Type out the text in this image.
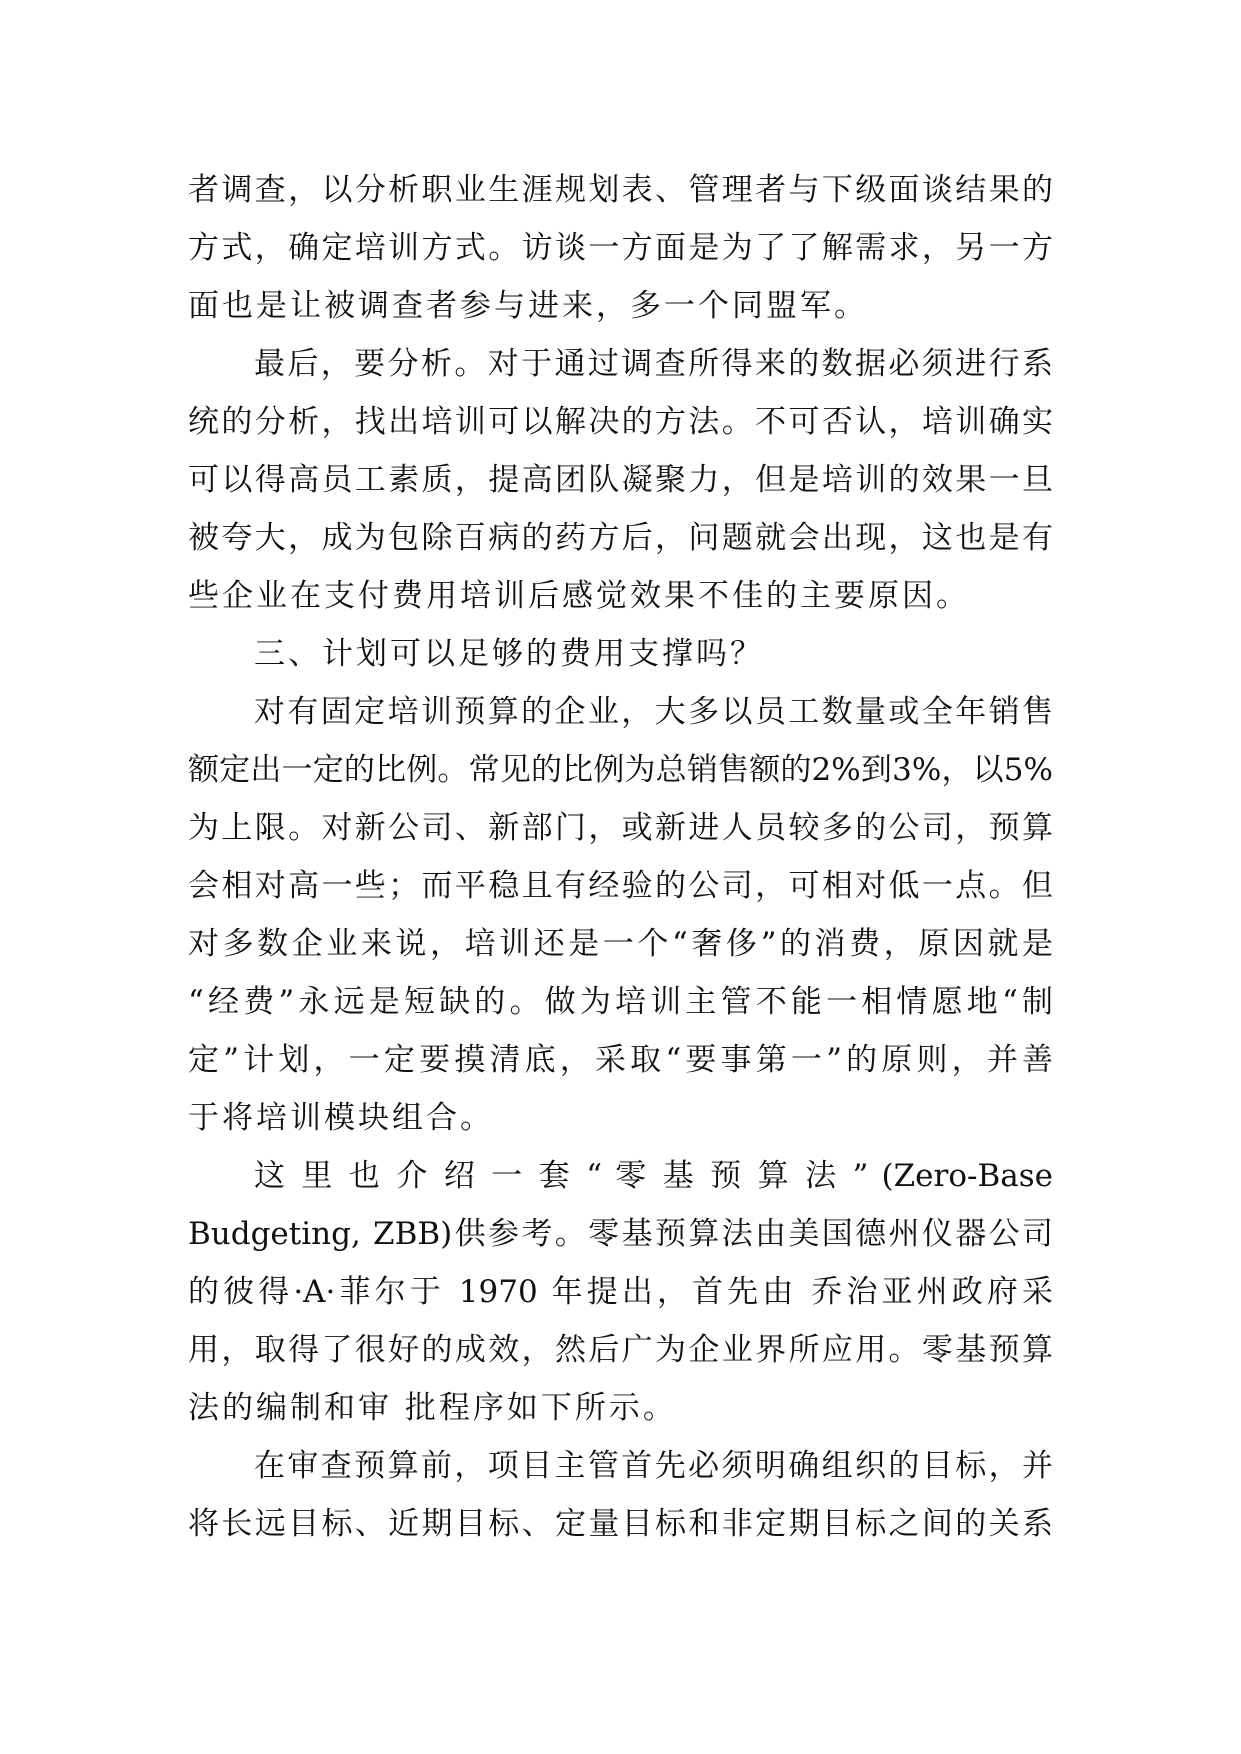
者调查，以分析职业生涯规划表、管理者与下级面谈结果的
方式，确定培训方式。访谈一方面是为了了解需求，另一方
面也是让被调查者参与进来，多一个同盟军。
最后，要分析。对于通过调查所得来的数据必须进行系
统的分析，找出培训可以解决的方法。不可否认，培训确实
可以得高员工素质，提高团队凝聚力，但是培训的效果一旦
被夸大，成为包除百病的药方后，问题就会出现，这也是有
些企业在支付费用培训后感觉效果不佳的主要原因。
三、计划可以足够的费用支撑吗？
对有固定培训预算的企业，大多以员工数量或全年销售
额定出一定的比例。常见的比例为总销售额的2%到3%，以5%
为上限。对新公司、新部门，或新进人员较多的公司，预算
会相对高一些；而平稳且有经验的公司，可相对低一点。但
对多数企业来说，培训还是一个“奢侈”的消费，原因就是
“经费”永远是短缺的。做为培训主管不能一相情愿地“制
定”计划，一定要摸清底，采取“要事第一”的原则，并善
于将培训模块组合。
这 里 也 介 绍 一 套 “ 零 基 预 算 法 ” (Zero-Base
Budgeting, ZBB)供参考。零基预算法由美国德州仪器公司
的彼得·A·菲尔于 1970 年提出，首先由 乔治亚州政府采
用，取得了很好的成效，然后广为企业界所应用。零基预算
法的编制和审 批程序如下所示。
在审查预算前，项目主管首先必须明确组织的目标，并
将长远目标、近期目标、定量目标和非定期目标之间的关系
